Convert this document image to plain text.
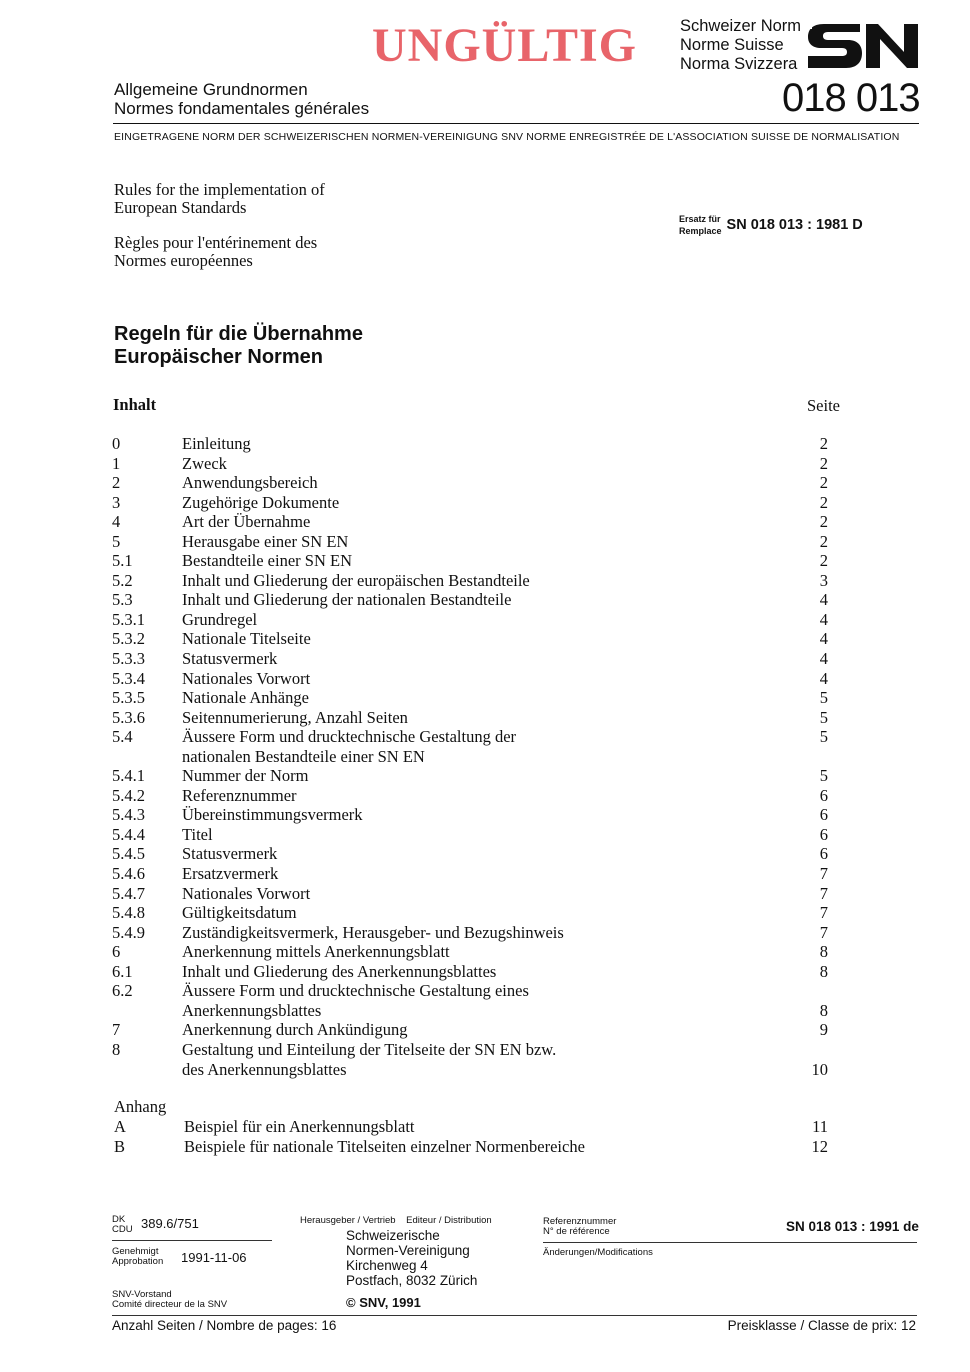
UNGÜLTIG	Schweizer Norm
Norme Suisse
Norma Svizzera
Allgemeine Grundnormen
Normes fondamentales générales	018 013
EINGETRAGENE NORM DER SCHWEIZERISCHEN NORMEN-VEREINIGUNG SNV NORME ENREGISTRÉE DE L'ASSOCIATION SUISSE DE NORMALISATION
Rules for the implementation of
European Standards
Règles pour l'entérinement des
Normes européennes
Ersatz für
Remplace SN 018 013 : 1981 D
Regeln für die Übernahme
Europäischer Normen
Inhalt	Seite
0	Einleitung	2
1	Zweck	2
2	Anwendungsbereich	2
3	Zugehörige Dokumente	2
4	Art der Übernahme	2
5	Herausgabe einer SN EN	2
5.1	Bestandteile einer SN EN	2
5.2	Inhalt und Gliederung der europäischen Bestandteile	3
5.3	Inhalt und Gliederung der nationalen Bestandteile	4
5.3.1	Grundregel	4
5.3.2	Nationale Titelseite	4
5.3.3	Statusvermerk	4
5.3.4	Nationales Vorwort	4
5.3.5	Nationale Anhänge	5
5.3.6	Seitennumerierung, Anzahl Seiten	5
5.4	Äussere Form und drucktechnische Gestaltung der	5
nationalen Bestandteile einer SN EN
5.4.1	Nummer der Norm	5
5.4.2	Referenznummer	6
5.4.3	Übereinstimmungsvermerk	6
5.4.4	Titel	6
5.4.5	Statusvermerk	6
5.4.6	Ersatzvermerk	7
5.4.7	Nationales Vorwort	7
5.4.8	Gültigkeitsdatum	7
5.4.9	Zuständigkeitsvermerk, Herausgeber- und Bezugshinweis	7
6	Anerkennung mittels Anerkennungsblatt	8
6.1	Inhalt und Gliederung des Anerkennungsblattes	8
6.2	Äussere Form und drucktechnische Gestaltung eines
Anerkennungsblattes	8
7	Anerkennung durch Ankündigung	9
8	Gestaltung und Einteilung der Titelseite der SN EN bzw.
des Anerkennungsblattes	10
Anhang
A	Beispiel für ein Anerkennungsblatt	11
B	Beispiele für nationale Titelseiten einzelner Normenbereiche	12
DK
CDU 389.6/751
Genehmigt
Approbation 1991-11-06
SNV-Vorstand
Comité directeur de la SNV
Herausgeber / Vertrieb    Editeur / Distribution
Schweizerische
Normen-Vereinigung
Kirchenweg 4
Postfach, 8032 Zürich
© SNV, 1991
Referenznummer
N° de référence	SN 018 013 : 1991 de
Änderungen/Modifications
Anzahl Seiten / Nombre de pages: 16	Preisklasse / Classe de prix: 12
